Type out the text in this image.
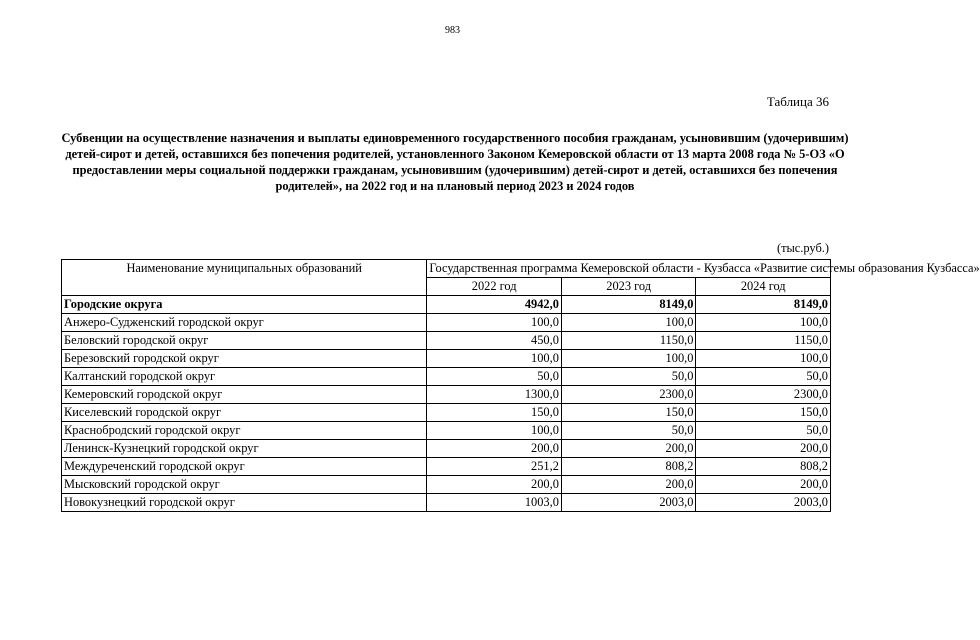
983
Таблица 36
Субвенции на осуществление назначения и выплаты единовременного государственного пособия гражданам, усыновившим (удочерившим) детей-сирот и детей, оставшихся без попечения родителей, установленного Законом Кемеровской области от 13 марта 2008 года № 5-ОЗ «О предоставлении меры социальной поддержки гражданам, усыновившим (удочерившим) детей-сирот и детей, оставшихся без попечения родителей», на 2022 год и на плановый период 2023 и 2024 годов
(тыс.руб.)
Наименование муниципальных образований	Государственная программа Кемеровской области - Кузбасса «Развитие системы образования Кузбасса»		
	2022 год	2023 год	2024 год
Городские округа	4942,0	8149,0	8149,0
Анжеро-Судженский городской округ	100,0	100,0	100,0
Беловский городской округ	450,0	1150,0	1150,0
Березовский городской округ	100,0	100,0	100,0
Калтанский городской округ	50,0	50,0	50,0
Кемеровский городской округ	1300,0	2300,0	2300,0
Киселевский городской округ	150,0	150,0	150,0
Краснобродский городской округ	100,0	50,0	50,0
Ленинск-Кузнецкий городской округ	200,0	200,0	200,0
Междуреченский городской округ	251,2	808,2	808,2
Мысковский городской округ	200,0	200,0	200,0
Новокузнецкий городской округ	1003,0	2003,0	2003,0
